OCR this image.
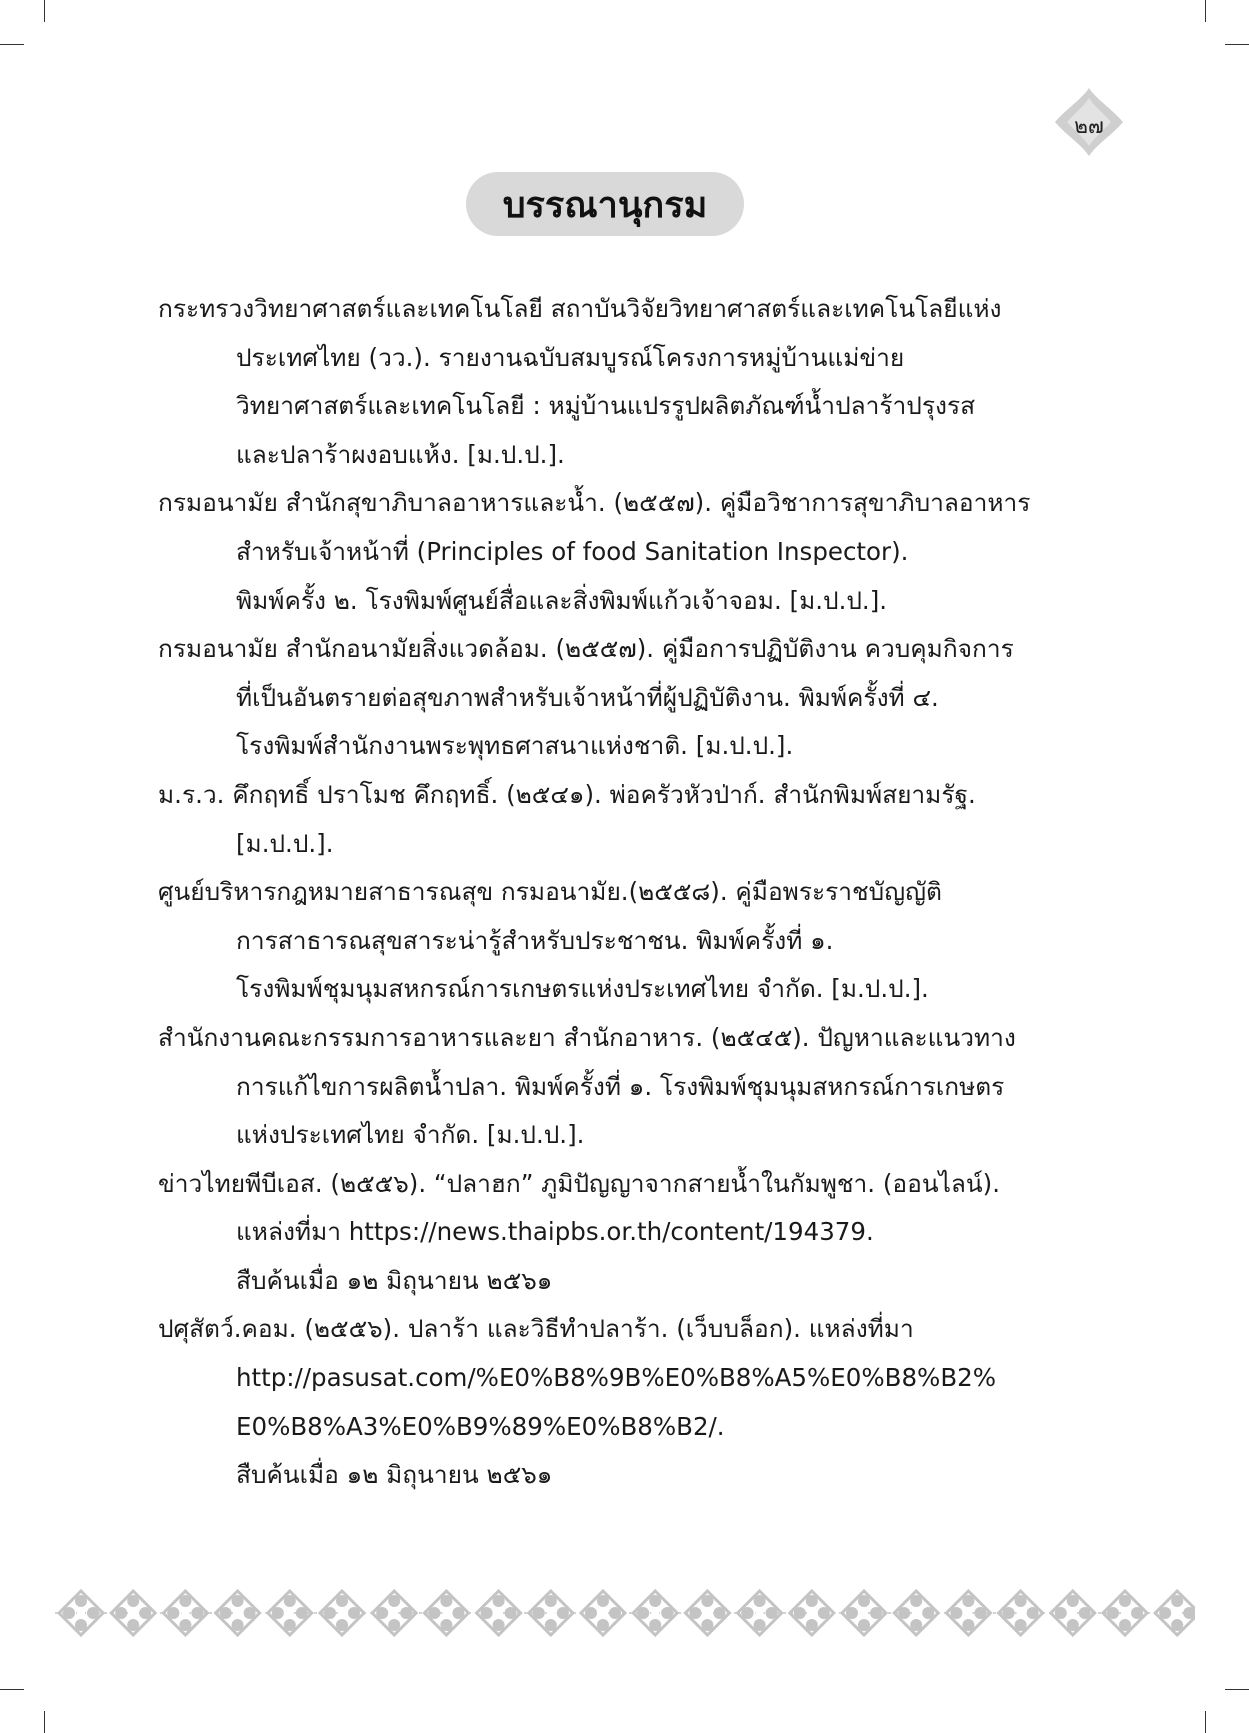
๒๗
บรรณานุกรม
กระทรวงวิทยาศาสตร์และเทคโนโลยี สถาบันวิจัยวิทยาศาสตร์และเทคโนโลยีแห่ง
ประเทศไทย (วว.). รายงานฉบับสมบูรณ์โครงการหมู่บ้านแม่ข่าย
วิทยาศาสตร์และเทคโนโลยี : หมู่บ้านแปรรูปผลิตภัณฑ์น้ำปลาร้าปรุงรส
และปลาร้าผงอบแห้ง. [ม.ป.ป.].
กรมอนามัย สำนักสุขาภิบาลอาหารและน้ำ. (๒๕๕๗). คู่มือวิชาการสุขาภิบาลอาหาร
สำหรับเจ้าหน้าที่ (Principles of food Sanitation Inspector).
พิมพ์ครั้ง ๒. โรงพิมพ์ศูนย์สื่อและสิ่งพิมพ์แก้วเจ้าจอม. [ม.ป.ป.].
กรมอนามัย สำนักอนามัยสิ่งแวดล้อม. (๒๕๕๗). คู่มือการปฏิบัติงาน ควบคุมกิจการ
ที่เป็นอันตรายต่อสุขภาพสำหรับเจ้าหน้าที่ผู้ปฏิบัติงาน. พิมพ์ครั้งที่ ๔.
โรงพิมพ์สำนักงานพระพุทธศาสนาแห่งชาติ. [ม.ป.ป.].
ม.ร.ว. คึกฤทธิ์ ปราโมช คึกฤทธิ์. (๒๕๔๑). พ่อครัวหัวป่าก์. สำนักพิมพ์สยามรัฐ.
[ม.ป.ป.].
ศูนย์บริหารกฎหมายสาธารณสุข กรมอนามัย.(๒๕๕๘). คู่มือพระราชบัญญัติ
การสาธารณสุขสาระน่ารู้สำหรับประชาชน. พิมพ์ครั้งที่ ๑.
โรงพิมพ์ชุมนุมสหกรณ์การเกษตรแห่งประเทศไทย จำกัด. [ม.ป.ป.].
สำนักงานคณะกรรมการอาหารและยา สำนักอาหาร. (๒๕๔๕). ปัญหาและแนวทาง
การแก้ไขการผลิตน้ำปลา. พิมพ์ครั้งที่ ๑. โรงพิมพ์ชุมนุมสหกรณ์การเกษตร
แห่งประเทศไทย จำกัด. [ม.ป.ป.].
ข่าวไทยพีบีเอส. (๒๕๕๖). “ปลาฮก” ภูมิปัญญาจากสายน้ำในกัมพูชา. (ออนไลน์).
แหล่งที่มา https://news.thaipbs.or.th/content/194379.
สืบค้นเมื่อ ๑๒ มิถุนายน ๒๕๖๑
ปศุสัตว์.คอม. (๒๕๕๖). ปลาร้า และวิธีทำปลาร้า. (เว็บบล็อก). แหล่งที่มา
http://pasusat.com/%E0%B8%9B%E0%B8%A5%E0%B8%B2%
E0%B8%A3%E0%B9%89%E0%B8%B2/.
สืบค้นเมื่อ ๑๒ มิถุนายน ๒๕๖๑
